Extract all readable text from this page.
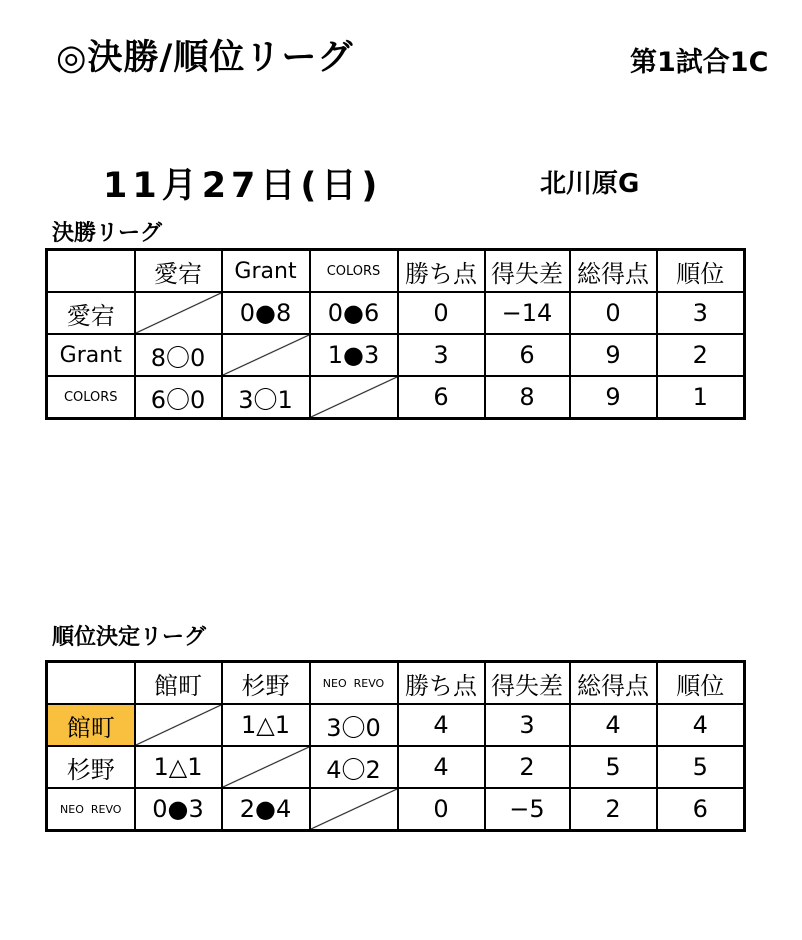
◎決勝/順位リーグ	第1試合1C
11月27日(日)	北川原G
決勝リーグ
	愛宕	Grant	COLORS	勝ち点	得失差	総得点	順位
愛宕		0●8	0●6	0	−14	0	3
Grant	8〇0		1●3	3	6	9	2
COLORS	6〇0	3〇1		6	8	9	1
順位決定リーグ
	館町	杉野	NEO  REVO	勝ち点	得失差	総得点	順位
館町		1△1	3〇0	4	3	4	4
杉野	1△1		4〇2	4	2	5	5
NEO  REVO	0●3	2●4		0	−5	2	6
